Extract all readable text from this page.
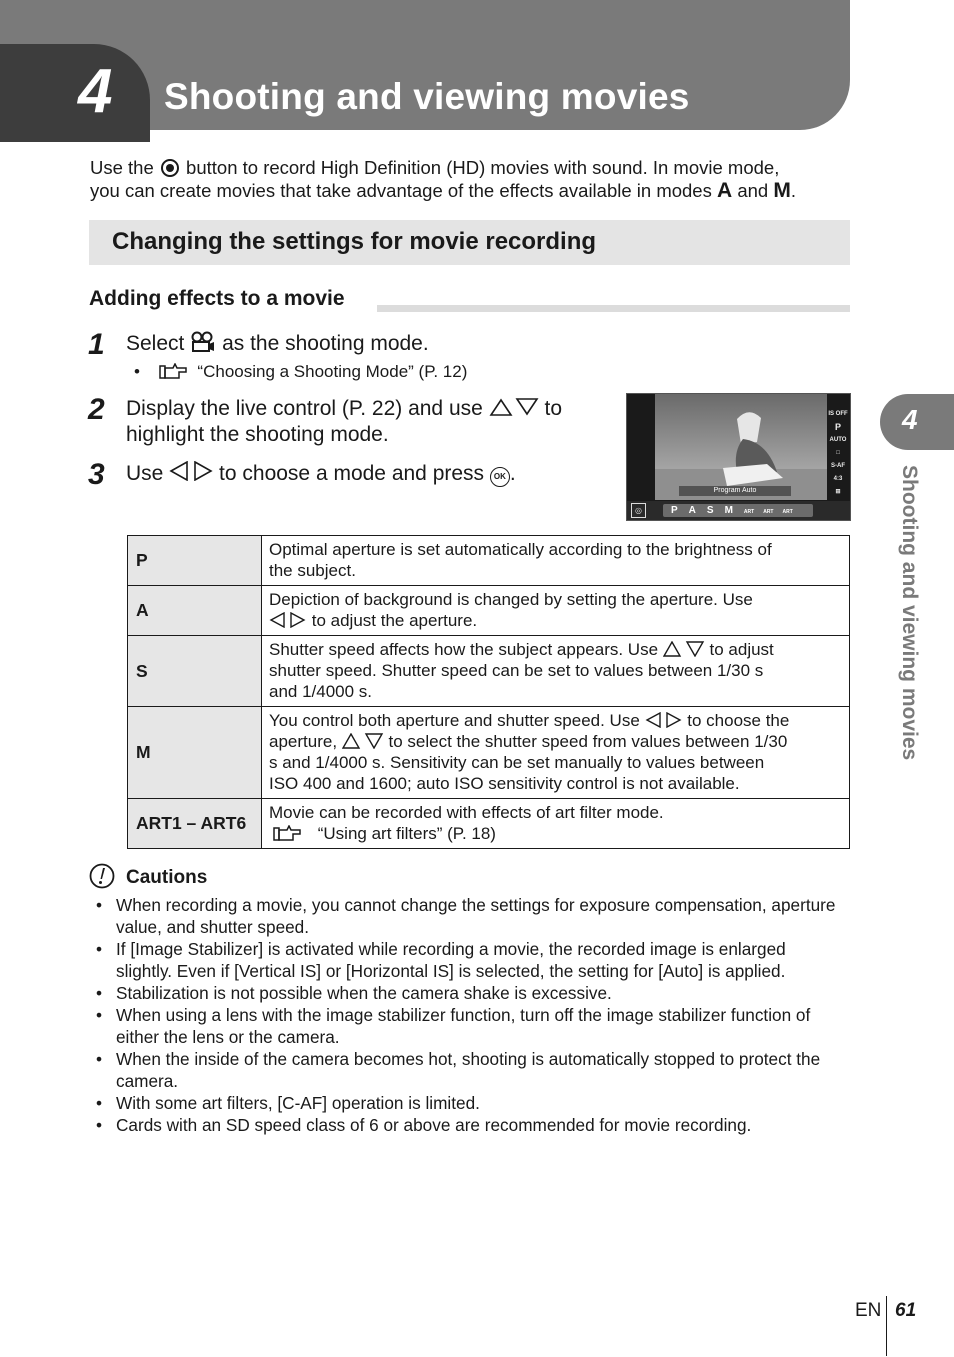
4 Shooting and viewing movies
Use the button to record High Definition (HD) movies with sound. In movie mode,
you can create movies that take advantage of the effects available in modes A and M.
Changing the settings for movie recording
Adding effects to a movie
1 Select as the shooting mode.
•	“Choosing a Shooting Mode” (P. 12)
2 Display the live control (P. 22) and use	to
highlight the shooting mode.
3 Use	to choose a mode and press OK .
Program Auto
◎	P A S M ART ART ART
IS OFF
P
AUTO
□
S-AF
4:3
⊞
P	Optimal aperture is set automatically according to the brightness of
the subject.

A	Depiction of background is changed by setting the aperture. Use
to adjust the aperture.

S	Shutter speed affects how the subject appears. Use to adjust
shutter speed. Shutter speed can be set to values between 1/30 s
and 1/4000 s.

M	You control both aperture and shutter speed. Use to choose the
aperture, to select the shutter speed from values between 1/30
s and 1/4000 s. Sensitivity can be set manually to values between
ISO 400 and 1600; auto ISO sensitivity control is not available.

ART1 – ART6	Movie can be recorded with effects of art filter mode.
“Using art filters” (P. 18)
Cautions
• When recording a movie, you cannot change the settings for exposure compensation, aperture value, and shutter speed.
• If [Image Stabilizer] is activated while recording a movie, the recorded image is enlarged slightly. Even if [Vertical IS] or [Horizontal IS] is selected, the setting for [Auto] is applied.
• Stabilization is not possible when the camera shake is excessive.
• When using a lens with the image stabilizer function, turn off the image stabilizer function of either the lens or the camera.
• When the inside of the camera becomes hot, shooting is automatically stopped to protect the camera.
• With some art filters, [C-AF] operation is limited.
• Cards with an SD speed class of 6 or above are recommended for movie recording.
4
Shooting and viewing movies
EN 61
